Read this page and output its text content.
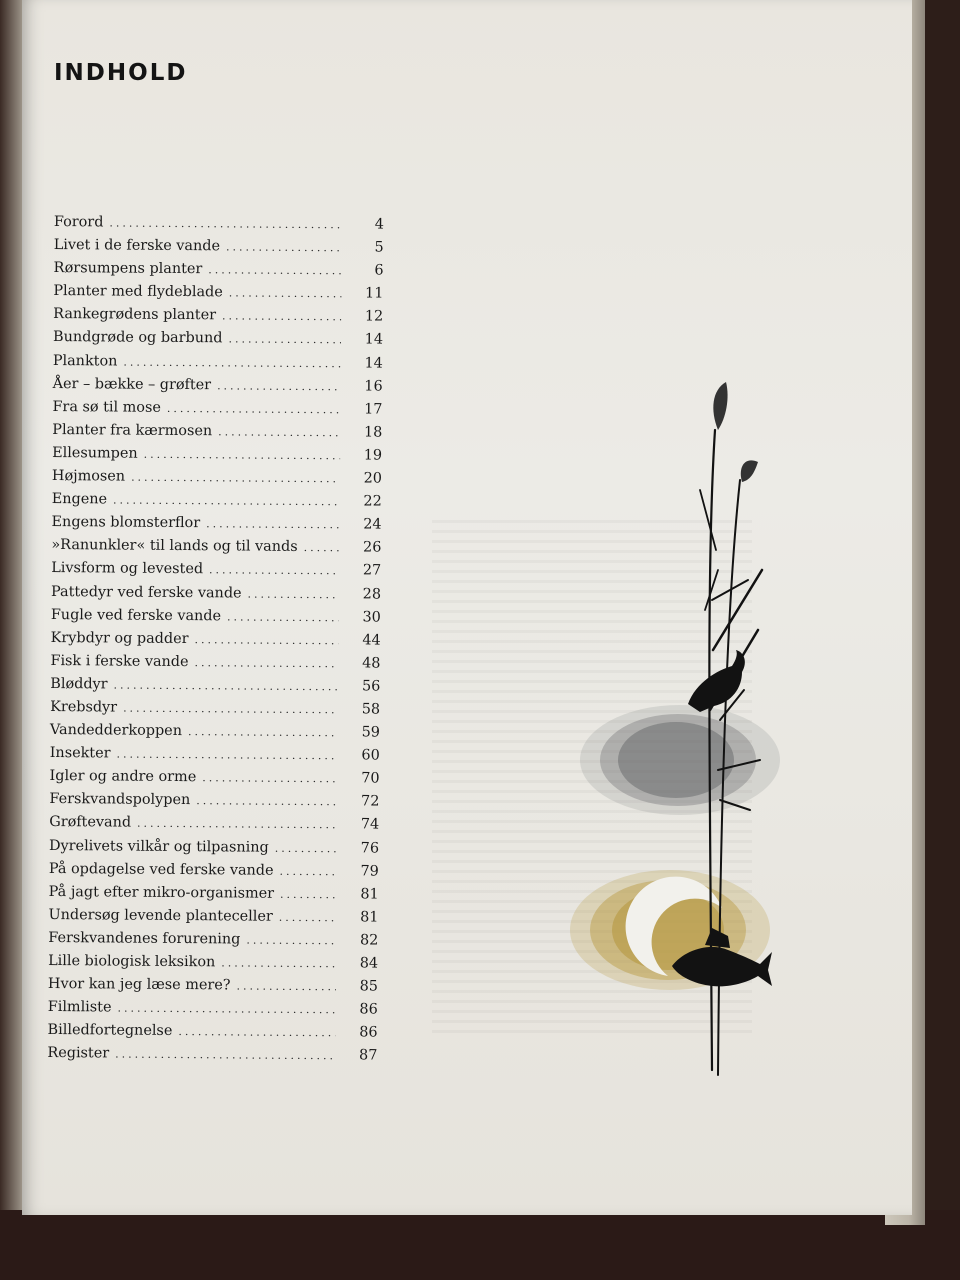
INDHOLD
Forord .....	4
Livet i de ferske vande .....	5
Rørsumpens planter .....	6
Planter med flydeblade .....	11
Rankegrødens planter .....	12
Bundgrøde og barbund .....	14
Plankton .....	14
Åer – bække – grøfter .....	16
Fra sø til mose .....	17
Planter fra kærmosen .....	18
Ellesumpen .....	19
Højmosen .....	20
Engene .....	22
Engens blomsterflor .....	24
»Ranunkler« til lands og til vands .....	26
Livsform og levested .....	27
Pattedyr ved ferske vande .....	28
Fugle ved ferske vande .....	30
Krybdyr og padder .....	44
Fisk i ferske vande .....	48
Bløddyr .....	56
Krebsdyr .....	58
Vandedderkoppen .....	59
Insekter .....	60
Igler og andre orme .....	70
Ferskvandspolypen .....	72
Grøftevand .....	74
Dyrelivets vilkår og tilpasning .....	76
På opdagelse ved ferske vande .....	79
På jagt efter mikro-organismer .....	81
Undersøg levende planteceller .....	81
Ferskvandenes forurening .....	82
Lille biologisk leksikon .....	84
Hvor kan jeg læse mere? .....	85
Filmliste .....	86
Billedfortegnelse .....	86
Register .....	87
